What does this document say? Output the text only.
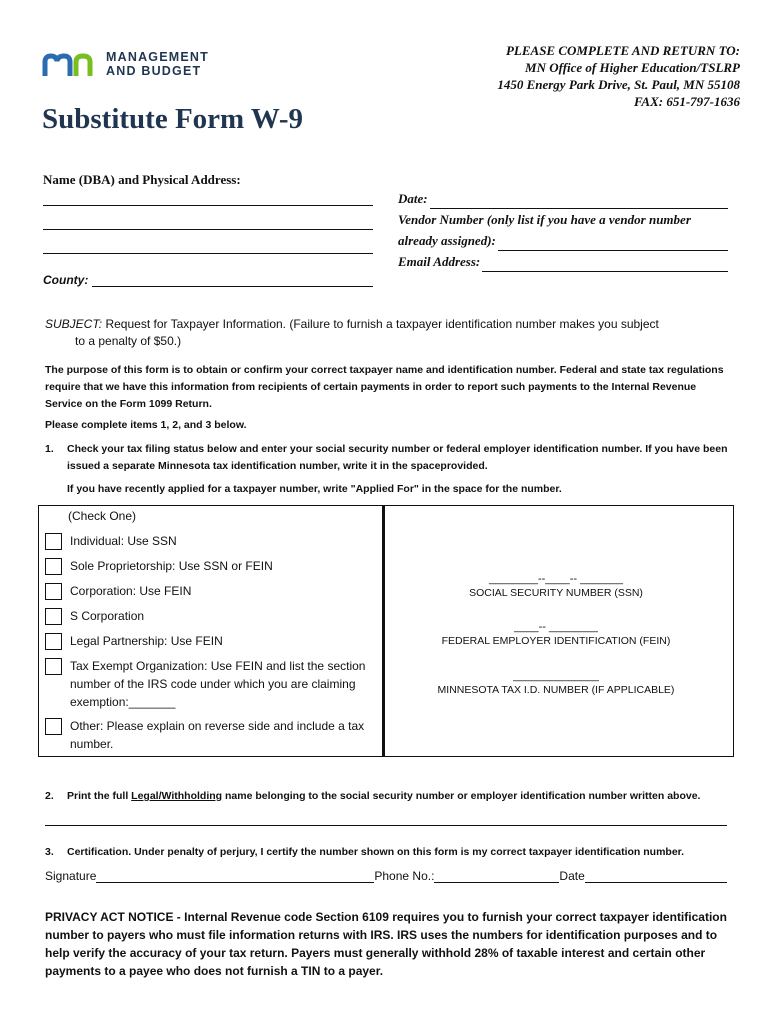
MANAGEMENT
AND BUDGET
PLEASE COMPLETE AND RETURN TO:
MN Office of Higher Education/TSLRP
1450 Energy Park Drive, St. Paul, MN 55108
FAX: 651-797-1636
Substitute Form W-9
Name (DBA) and Physical Address:
Date:
Vendor Number (only list if you have a vendor number
already assigned):
Email Address:
County:
SUBJECT: Request for Taxpayer Information. (Failure to furnish a taxpayer identification number makes you subject
to a penalty of $50.)
The purpose of this form is to obtain or confirm your correct taxpayer name and identification number. Federal and state tax regulations require that we have this information from recipients of certain payments in order to report such payments to the Internal Revenue Service on the Form 1099 Return.
Please complete items 1, 2, and 3 below.
1.	Check your tax filing status below and enter your social security number or federal employer identification number. If you have been issued a separate Minnesota tax identification number, write it in the spaceprovided.
If you have recently applied for a taxpayer number, write "Applied For" in the space for the number.
(Check One)
Individual: Use SSN
Sole Proprietorship: Use SSN or FEIN
Corporation: Use FEIN
S Corporation
Legal Partnership: Use FEIN
Tax Exempt Organization: Use FEIN and list the section number of the IRS code under which you are claiming exemption:_______
Other: Please explain on reverse side and include a tax number.
________--____-- _______
SOCIAL SECURITY NUMBER (SSN)
____-- ________
FEDERAL EMPLOYER IDENTIFICATION (FEIN)
______________
MINNESOTA TAX I.D. NUMBER (IF APPLICABLE)
2.	Print the full Legal/Withholding name belonging to the social security number or employer identification number written above.
3.	Certification. Under penalty of perjury, I certify the number shown on this form is my correct taxpayer identification number.
Signature	Phone No.:	Date
PRIVACY ACT NOTICE - Internal Revenue code Section 6109 requires you to furnish your correct taxpayer identification number to payers who must file information returns with IRS. IRS uses the numbers for identification purposes and to help verify the accuracy of your tax return. Payers must generally withhold 28% of taxable interest and certain other payments to a payee who does not furnish a TIN to a payer.
